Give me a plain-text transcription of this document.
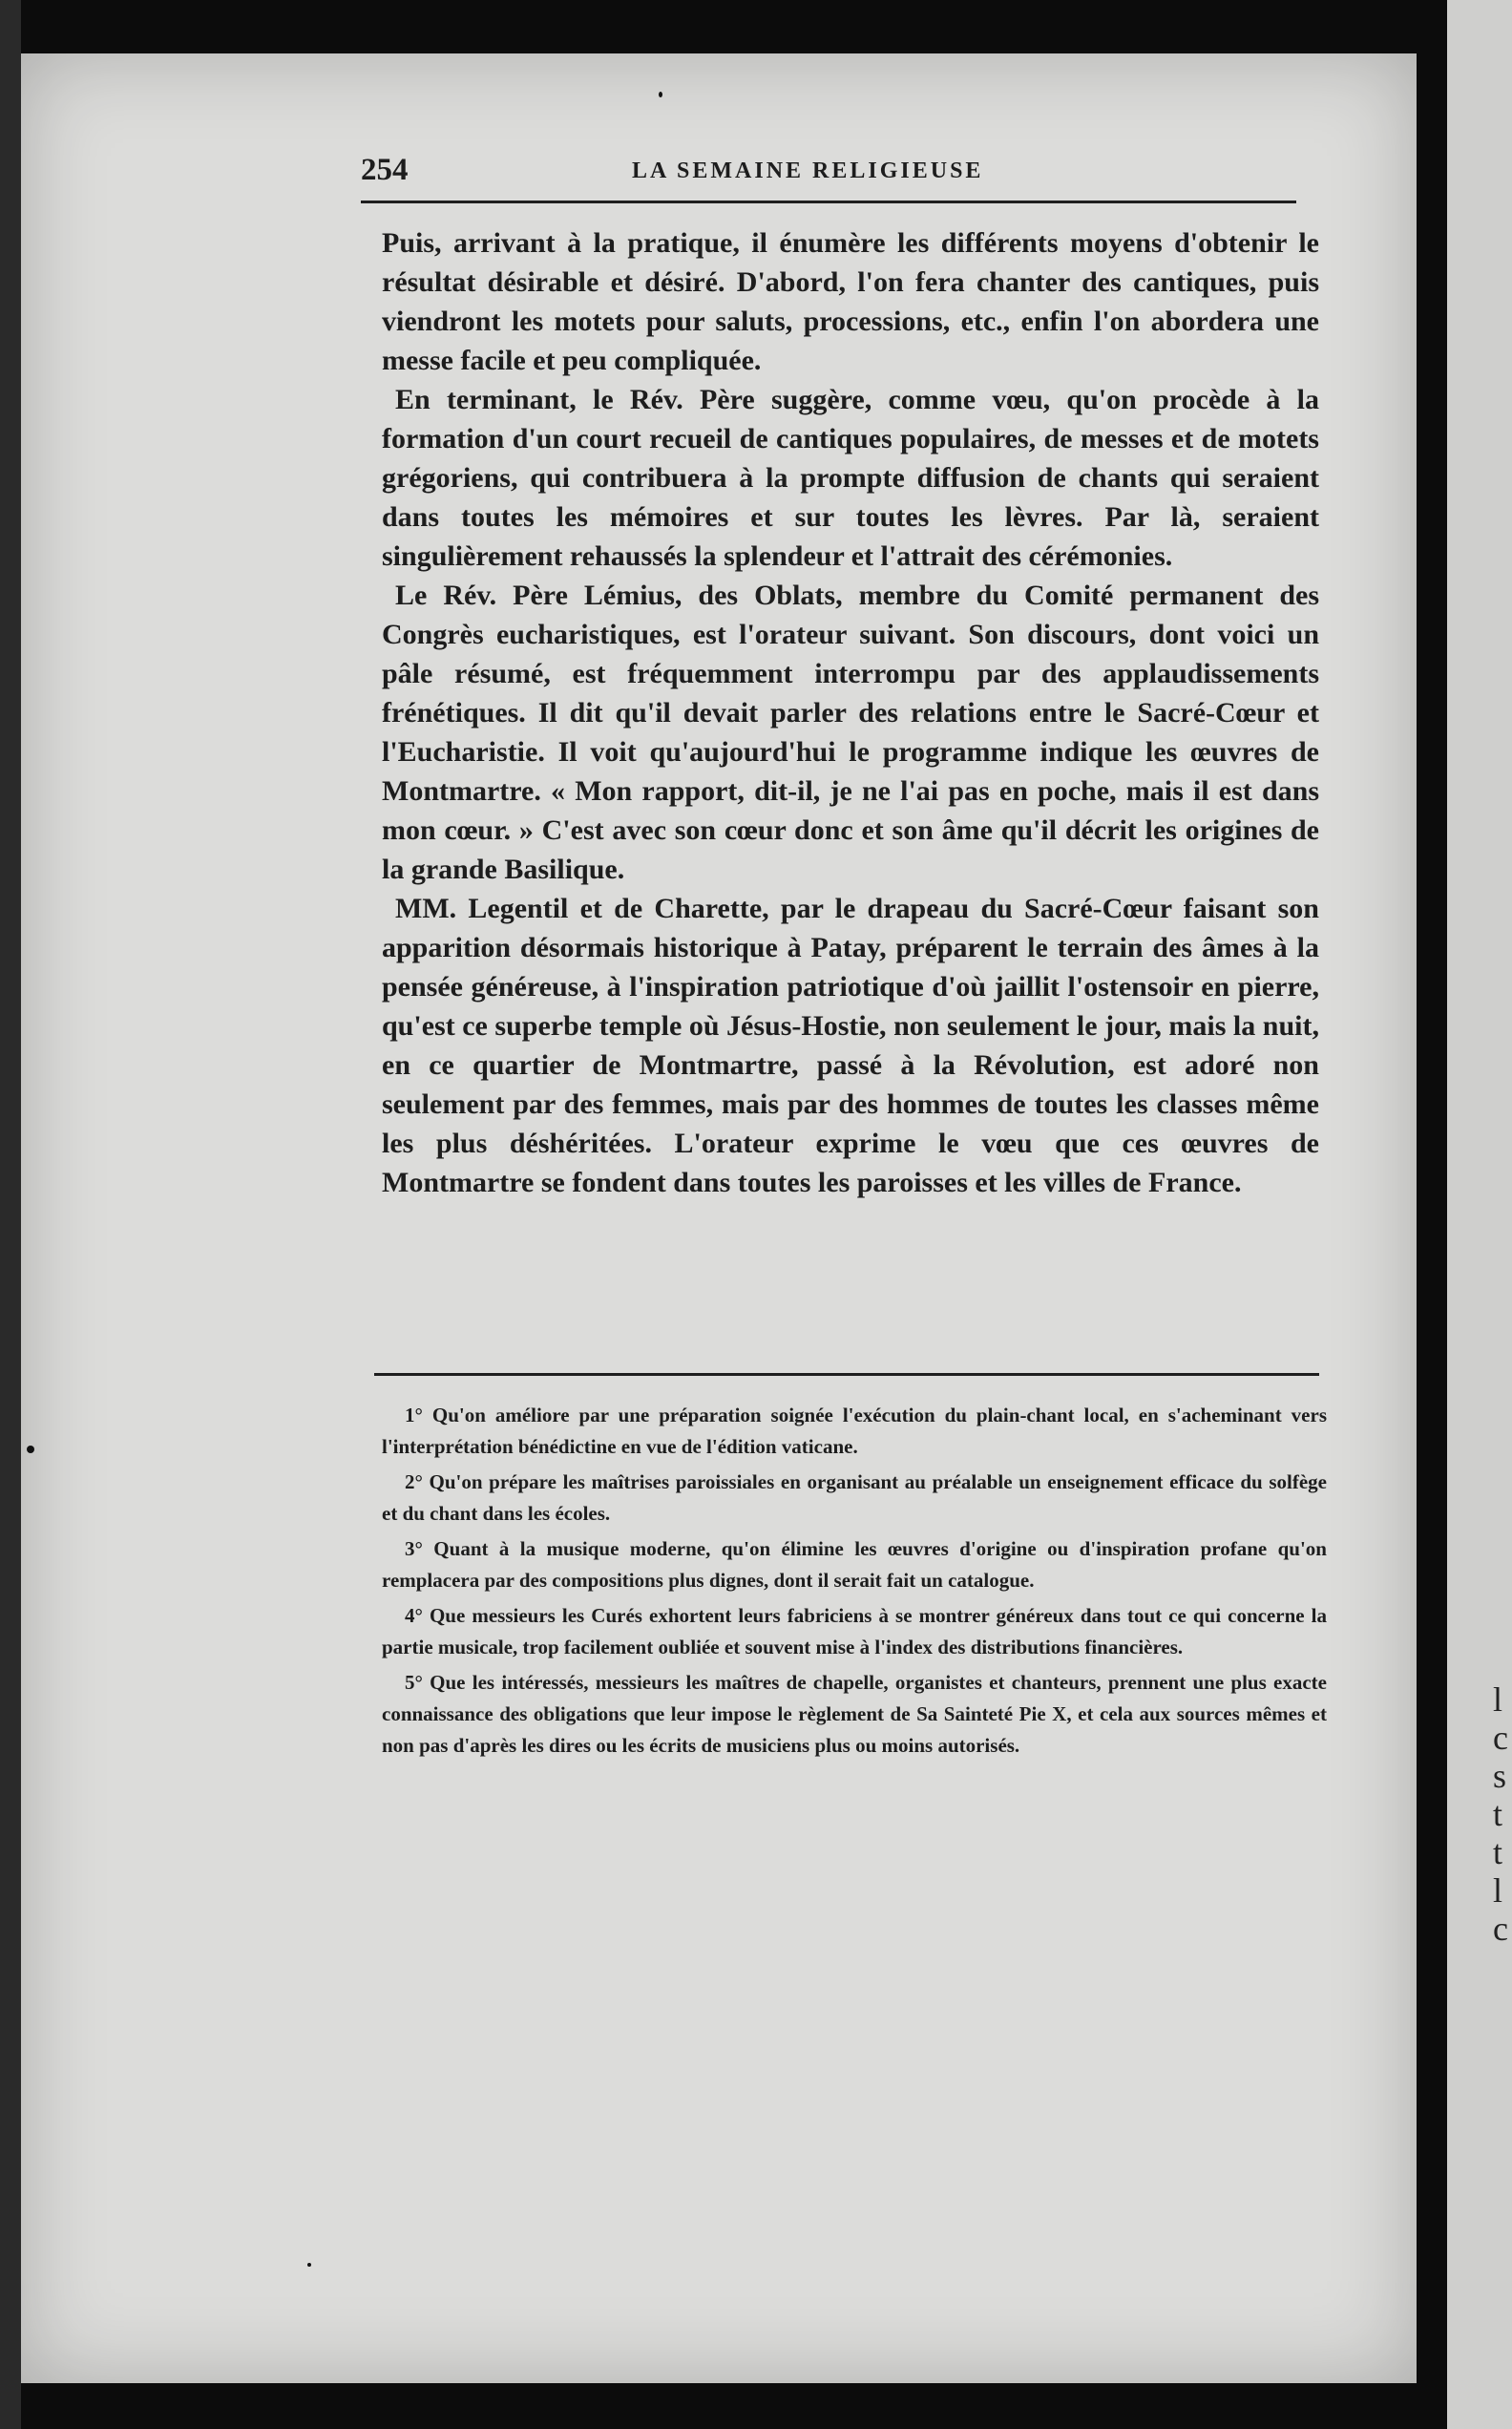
l
c
s
t
t
l
c
254	LA SEMAINE RELIGIEUSE

Puis, arrivant à la pratique, il énumère les différents moyens d'obtenir le résultat désirable et désiré. D'abord, l'on fera chanter des cantiques, puis viendront les motets pour saluts, processions, etc., enfin l'on abordera une messe facile et peu compliquée.

En terminant, le Rév. Père suggère, comme vœu, qu'on procède à la formation d'un court recueil de cantiques populaires, de messes et de motets grégoriens, qui contribuera à la prompte diffusion de chants qui seraient dans toutes les mémoires et sur toutes les lèvres. Par là, seraient singulièrement rehaussés la splendeur et l'attrait des cérémonies.

Le Rév. Père Lémius, des Oblats, membre du Comité permanent des Congrès eucharistiques, est l'orateur suivant. Son discours, dont voici un pâle résumé, est fréquemment interrompu par des applaudissements frénétiques. Il dit qu'il devait parler des relations entre le Sacré-Cœur et l'Eucharistie. Il voit qu'aujourd'hui le programme indique les œuvres de Montmartre. « Mon rapport, dit-il, je ne l'ai pas en poche, mais il est dans mon cœur. » C'est avec son cœur donc et son âme qu'il décrit les origines de la grande Basilique.

MM. Legentil et de Charette, par le drapeau du Sacré-Cœur faisant son apparition désormais historique à Patay, préparent le terrain des âmes à la pensée généreuse, à l'inspiration patriotique d'où jaillit l'ostensoir en pierre, qu'est ce superbe temple où Jésus-Hostie, non seulement le jour, mais la nuit, en ce quartier de Montmartre, passé à la Révolution, est adoré non seulement par des femmes, mais par des hommes de toutes les classes même les plus déshéritées. L'orateur exprime le vœu que ces œuvres de Montmartre se fondent dans toutes les paroisses et les villes de France.

1° Qu'on améliore par une préparation soignée l'exécution du plain-chant local, en s'acheminant vers l'interprétation bénédictine en vue de l'édition vaticane.

2° Qu'on prépare les maîtrises paroissiales en organisant au préalable un enseignement efficace du solfège et du chant dans les écoles.

3° Quant à la musique moderne, qu'on élimine les œuvres d'origine ou d'inspiration profane qu'on remplacera par des compositions plus dignes, dont il serait fait un catalogue.

4° Que messieurs les Curés exhortent leurs fabriciens à se montrer généreux dans tout ce qui concerne la partie musicale, trop facilement oubliée et souvent mise à l'index des distributions financières.

5° Que les intéressés, messieurs les maîtres de chapelle, organistes et chanteurs, prennent une plus exacte connaissance des obligations que leur impose le règlement de Sa Sainteté Pie X, et cela aux sources mêmes et non pas d'après les dires ou les écrits de musiciens plus ou moins autorisés.
